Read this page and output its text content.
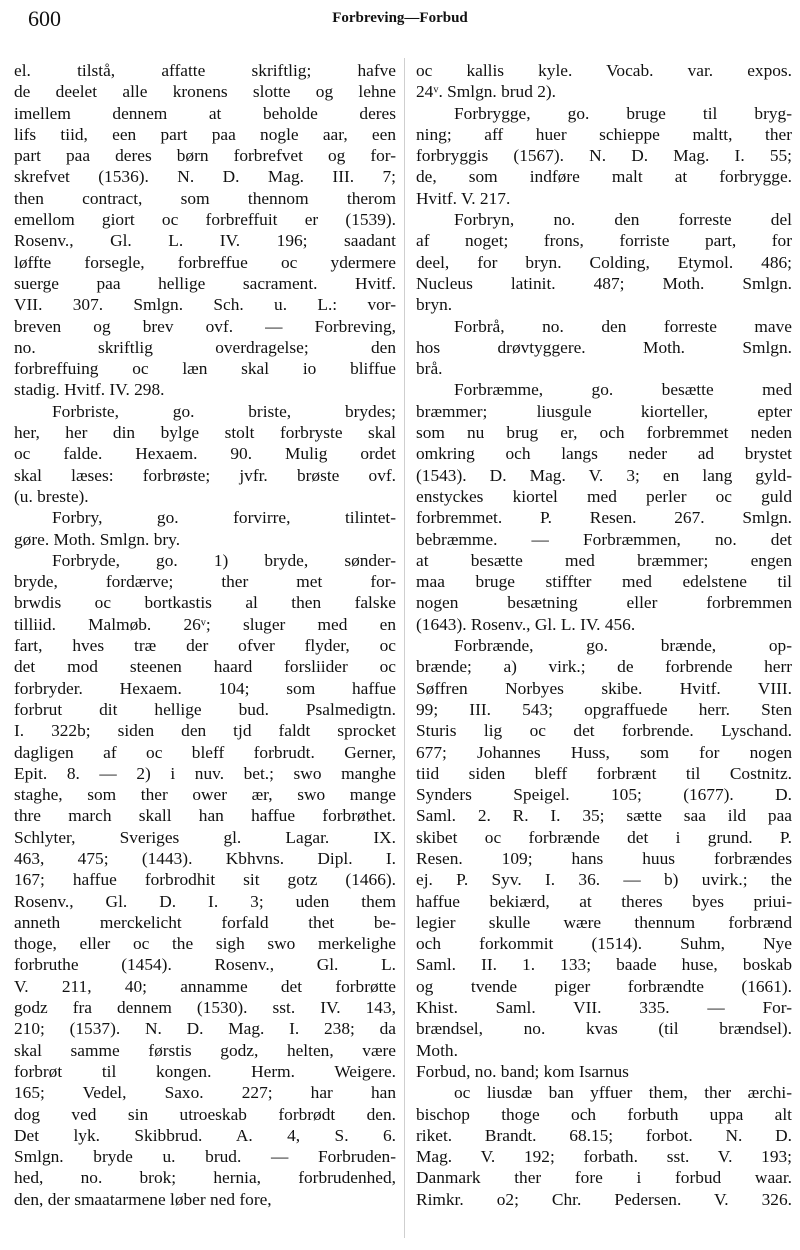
600	Forbreving—Forbud
el. tilstå, affatte skriftlig; hafve
de deelet alle kronens slotte og lehne
imellem dennem at beholde deres
lifs tiid, een part paa nogle aar, een
part paa deres børn forbrefvet og for-
skrefvet (1536). N. D. Mag. III. 7;
then contract, som thennom therom
emellom giort oc forbreffuit er (1539).
Rosenv., Gl. L. IV. 196; saadant
løffte forsegle, forbreffue oc ydermere
suerge paa hellige sacrament. Hvitf.
VII. 307. Smlgn. Sch. u. L.: vor-
breven og brev ovf. — Forbreving,
no. skriftlig overdragelse; den
forbreffuing oc læn skal io bliffue
stadig. Hvitf. IV. 298.
Forbriste, go. briste, brydes;
her, her din bylge stolt forbryste skal
oc falde. Hexaem. 90. Mulig ordet
skal læses: forbrøste; jvfr. brøste ovf.
(u. breste).
Forbry, go. forvirre, tilintet-
gøre. Moth. Smlgn. bry.
Forbryde, go. 1) bryde, sønder-
bryde, fordærve; ther met for-
brwdis oc bortkastis al then falske
tilliid. Malmøb. 26ᵛ; sluger med en
fart, hves træ der ofver flyder, oc
det mod steenen haard forsliider oc
forbryder. Hexaem. 104; som haffue
forbrut dit hellige bud. Psalmedigtn.
I. 322b; siden den tjd faldt sprocket
dagligen af oc bleff forbrudt. Gerner,
Epit. 8. — 2) i nuv. bet.; swo manghe
staghe, som ther ower ær, swo mange
thre march skall han haffue forbrøthet.
Schlyter, Sveriges gl. Lagar. IX.
463, 475; (1443). Kbhvns. Dipl. I.
167; haffue forbrodhit sit gotz (1466).
Rosenv., Gl. D. I. 3; uden them
anneth merckelicht forfald thet be-
thoge, eller oc the sigh swo merkelighe
forbruthe (1454). Rosenv., Gl. L.
V. 211, 40; annamme det forbrøtte
godz fra dennem (1530). sst. IV. 143,
210; (1537). N. D. Mag. I. 238; da
skal samme førstis godz, helten, være
forbrøt til kongen. Herm. Weigere.
165; Vedel, Saxo. 227; har han
dog ved sin utroeskab forbrødt den.
Det lyk. Skibbrud. A. 4, S. 6.
Smlgn. bryde u. brud. — Forbruden-
hed, no. brok; hernia, forbrudenhed,
den, der smaatarmene løber ned fore,
oc kallis kyle. Vocab. var. expos.
24ᵛ. Smlgn. brud 2).
Forbrygge, go. bruge til bryg-
ning; aff huer schieppe maltt, ther
forbryggis (1567). N. D. Mag. I. 55;
de, som indføre malt at forbrygge.
Hvitf. V. 217.
Forbryn, no. den forreste del
af noget; frons, forriste part, for
deel, for bryn. Colding, Etymol. 486;
Nucleus latinit. 487; Moth. Smlgn.
bryn.
Forbrå, no. den forreste mave
hos drøvtyggere. Moth. Smlgn.
brå.
Forbræmme, go. besætte med
bræmmer; liusgule kiorteller, epter
som nu brug er, och forbremmet neden
omkring och langs neder ad brystet
(1543). D. Mag. V. 3; en lang gyld-
enstyckes kiortel med perler oc guld
forbremmet. P. Resen. 267. Smlgn.
bebræmme. — Forbræmmen, no. det
at besætte med bræmmer; engen
maa bruge stiffter med edelstene til
nogen besætning eller forbremmen
(1643). Rosenv., Gl. L. IV. 456.
Forbrænde, go. brænde, op-
brænde; a) virk.; de forbrende herr
Søffren Norbyes skibe. Hvitf. VIII.
99; III. 543; opgraffuede herr. Sten
Sturis lig oc det forbrende. Lyschand.
677; Johannes Huss, som for nogen
tiid siden bleff forbrænt til Costnitz.
Synders Speigel. 105; (1677). D.
Saml. 2. R. I. 35; sætte saa ild paa
skibet oc forbrænde det i grund. P.
Resen. 109; hans huus forbrændes
ej. P. Syv. I. 36. — b) uvirk.; the
haffue bekiærd, at theres byes priui-
legier skulle wære thennum forbrænd
och forkommit (1514). Suhm, Nye
Saml. II. 1. 133; baade huse, boskab
og tvende piger forbrændte (1661).
Khist. Saml. VII. 335. — For-
brændsel, no. kvas (til brændsel).
Moth.
Forbud, no. band; kom Isarnus
oc liusdæ ban yffuer them, ther ærchi-
bischop thoge och forbuth uppa alt
riket. Brandt. 68.15; forbot. N. D.
Mag. V. 192; forbath. sst. V. 193;
Danmark ther fore i forbud waar.
Rimkr. o2; Chr. Pedersen. V. 326.
